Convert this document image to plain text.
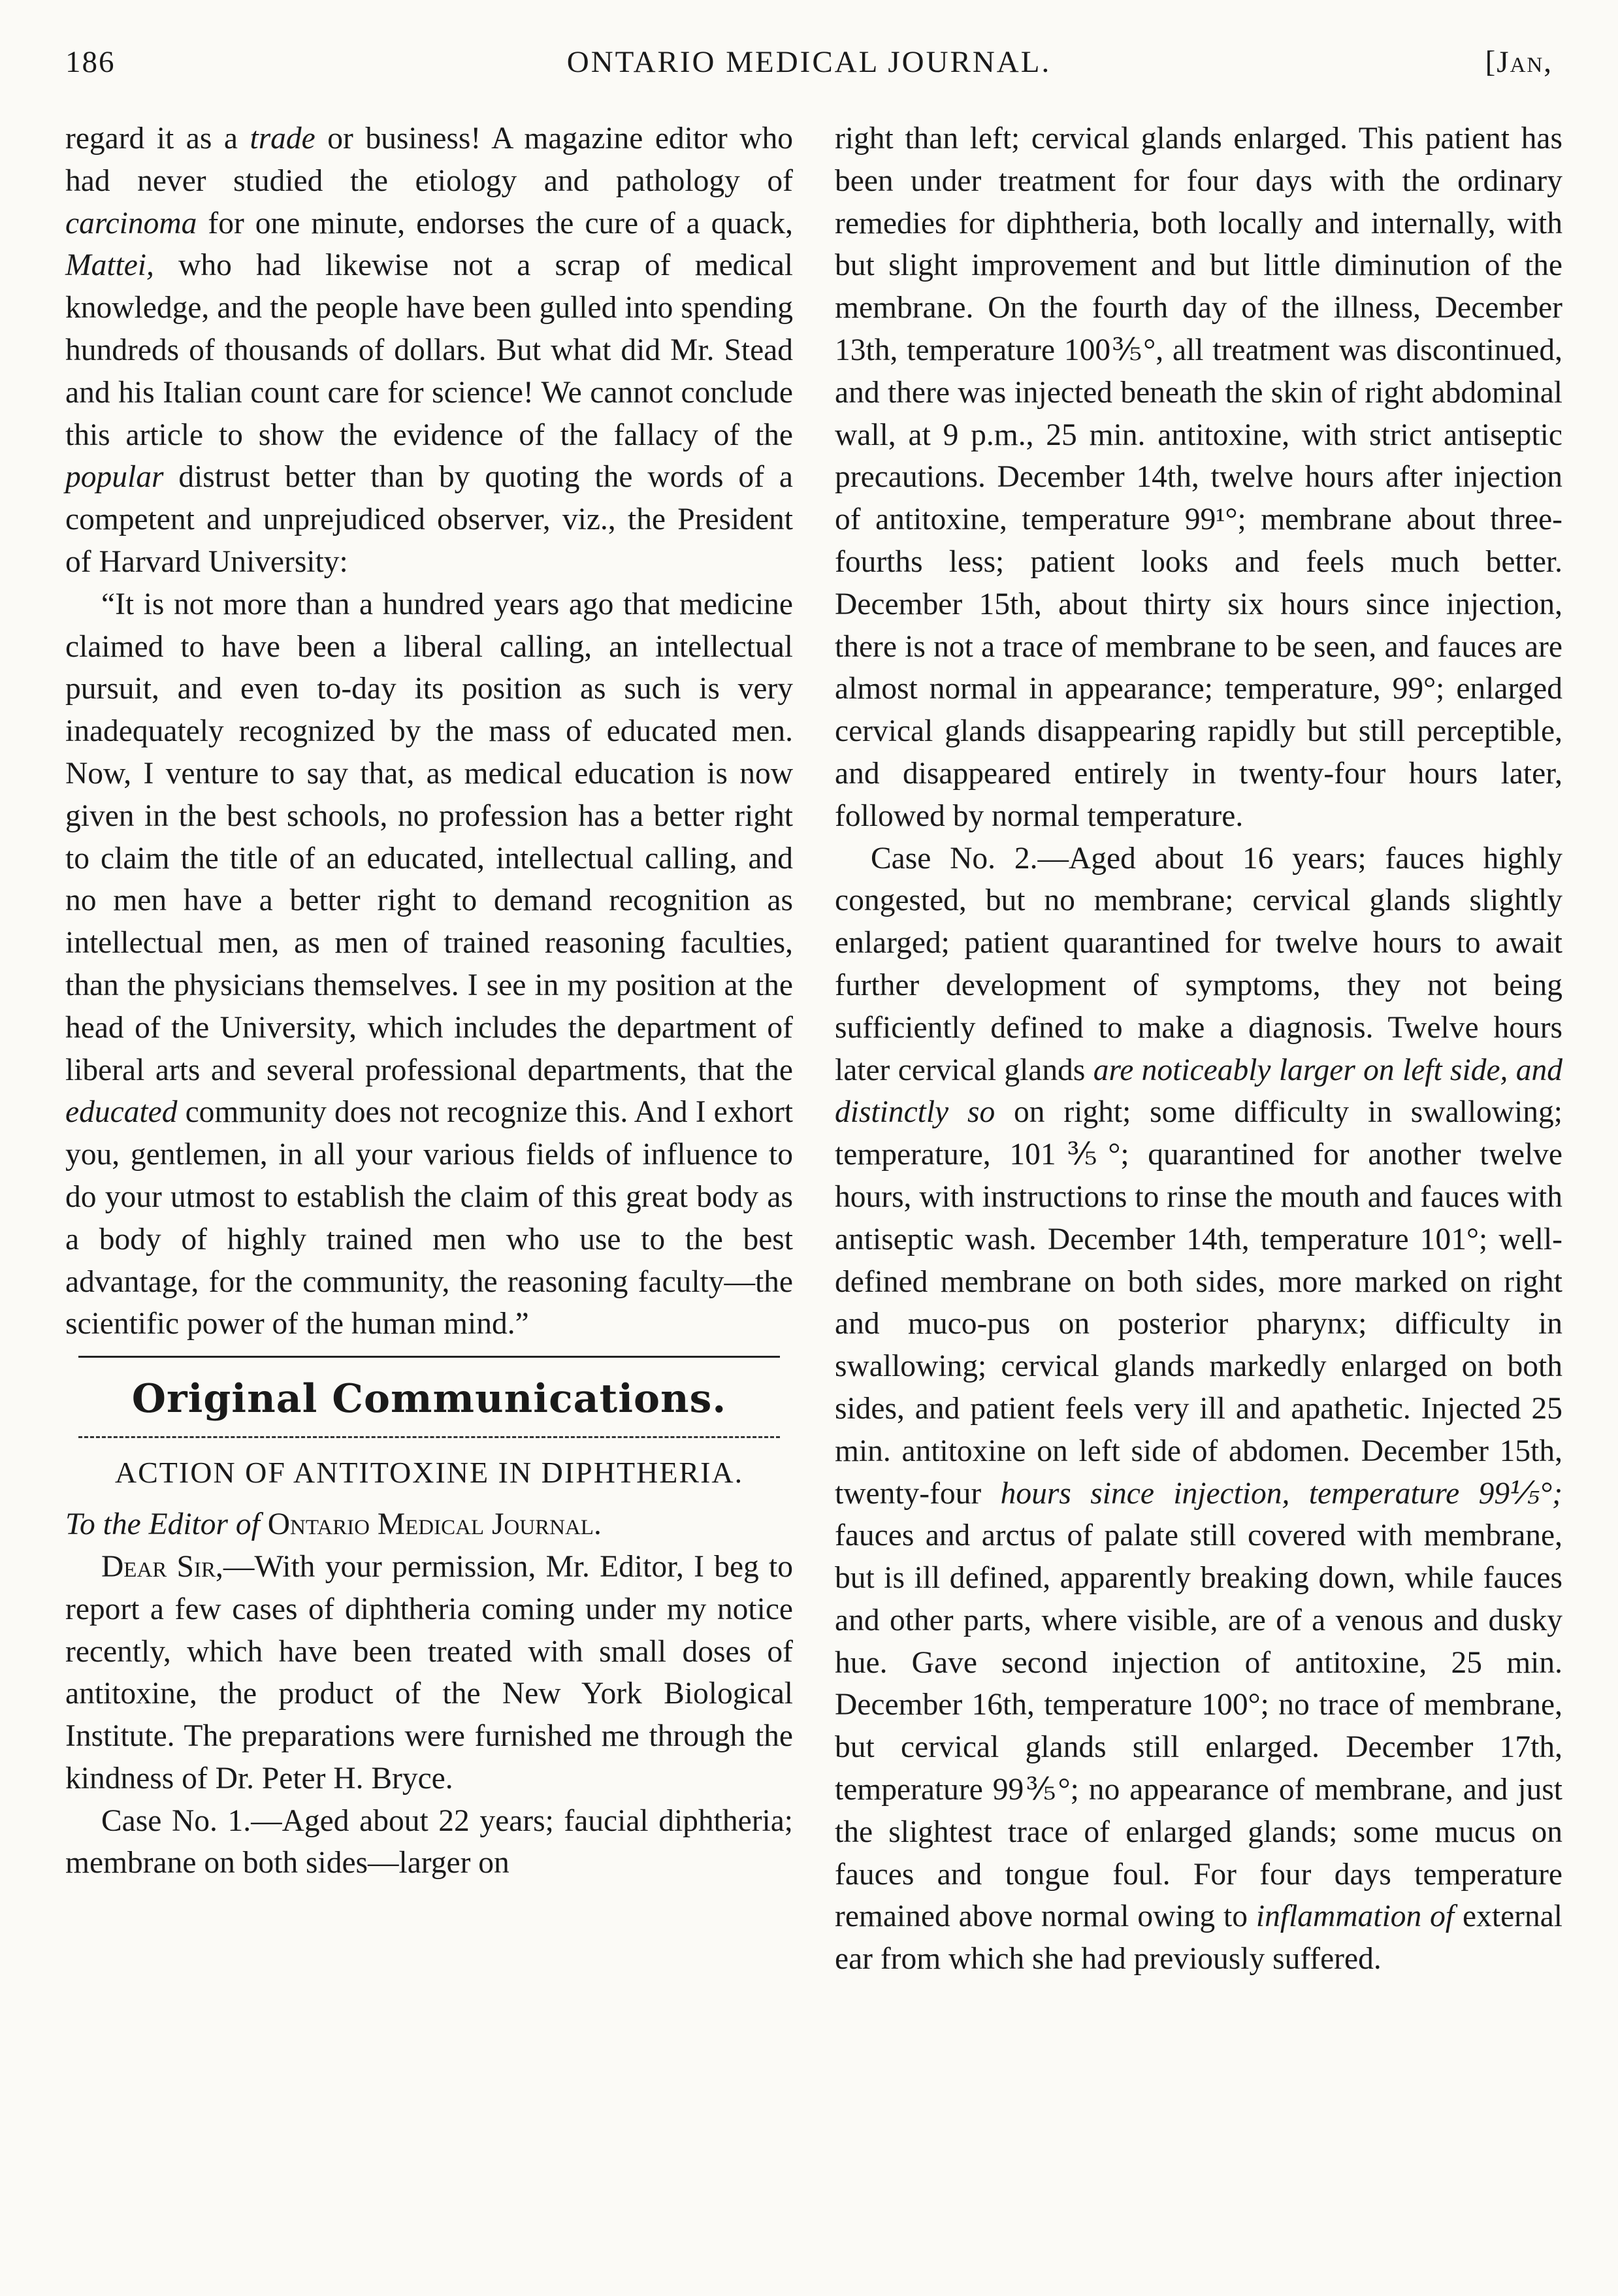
186	ONTARIO MEDICAL JOURNAL.	[Jan,

regard it as a trade or business! A magazine editor who had never studied the etiology and pathology of carcinoma for one minute, endorses the cure of a quack, Mattei, who had likewise not a scrap of medical knowledge, and the people have been gulled into spending hundreds of thousands of dollars. But what did Mr. Stead and his Italian count care for science! We cannot conclude this article to show the evidence of the fallacy of the popular distrust better than by quoting the words of a competent and unprejudiced observer, viz., the President of Harvard University:

“It is not more than a hundred years ago that medicine claimed to have been a liberal calling, an intellectual pursuit, and even to-day its position as such is very inadequately recognized by the mass of educated men. Now, I venture to say that, as medical education is now given in the best schools, no profession has a better right to claim the title of an educated, intellectual calling, and no men have a better right to demand recognition as intellectual men, as men of trained reasoning faculties, than the physicians themselves. I see in my position at the head of the University, which includes the department of liberal arts and several professional departments, that the educated community does not recognize this. And I exhort you, gentlemen, in all your various fields of influence to do your utmost to establish the claim of this great body as a body of highly trained men who use to the best advantage, for the community, the reasoning faculty—the scientific power of the human mind.”

Original Communications.
ACTION OF ANTITOXINE IN DIPHTHERIA.

To the Editor of Ontario Medical Journal.

Dear Sir,—With your permission, Mr. Editor, I beg to report a few cases of diphtheria coming under my notice recently, which have been treated with small doses of antitoxine, the product of the New York Biological Institute. The preparations were furnished me through the kindness of Dr. Peter H. Bryce.

Case No. 1.—Aged about 22 years; faucial diphtheria; membrane on both sides—larger on

right than left; cervical glands enlarged. This patient has been under treatment for four days with the ordinary remedies for diphtheria, both locally and internally, with but slight improvement and but little diminution of the membrane. On the fourth day of the illness, December 13th, temperature 100⅗°, all treatment was discontinued, and there was injected beneath the skin of right abdominal wall, at 9 p.m., 25 min. antitoxine, with strict antiseptic precautions. December 14th, twelve hours after injection of antitoxine, temperature 99¹°; membrane about three-fourths less; patient looks and feels much better. December 15th, about thirty six hours since injection, there is not a trace of membrane to be seen, and fauces are almost normal in appearance; temperature, 99°; enlarged cervical glands disappearing rapidly but still perceptible, and disappeared entirely in twenty-four hours later, followed by normal temperature.

Case No. 2.—Aged about 16 years; fauces highly congested, but no membrane; cervical glands slightly enlarged; patient quarantined for twelve hours to await further development of symptoms, they not being sufficiently defined to make a diagnosis. Twelve hours later cervical glands are noticeably larger on left side, and distinctly so on right; some difficulty in swallowing; temperature, 101⅗°; quarantined for another twelve hours, with instructions to rinse the mouth and fauces with antiseptic wash. December 14th, temperature 101°; well-defined membrane on both sides, more marked on right and muco-pus on posterior pharynx; difficulty in swallowing; cervical glands markedly enlarged on both sides, and patient feels very ill and apathetic. Injected 25 min. antitoxine on left side of abdomen. December 15th, twenty-four hours since injection, temperature 99⅕°; fauces and arctus of palate still covered with membrane, but is ill defined, apparently breaking down, while fauces and other parts, where visible, are of a venous and dusky hue. Gave second injection of antitoxine, 25 min. December 16th, temperature 100°; no trace of membrane, but cervical glands still enlarged. December 17th, temperature 99⅗°; no appearance of membrane, and just the slightest trace of enlarged glands; some mucus on fauces and tongue foul. For four days temperature remained above normal owing to inflammation of external ear from which she had previously suffered.
